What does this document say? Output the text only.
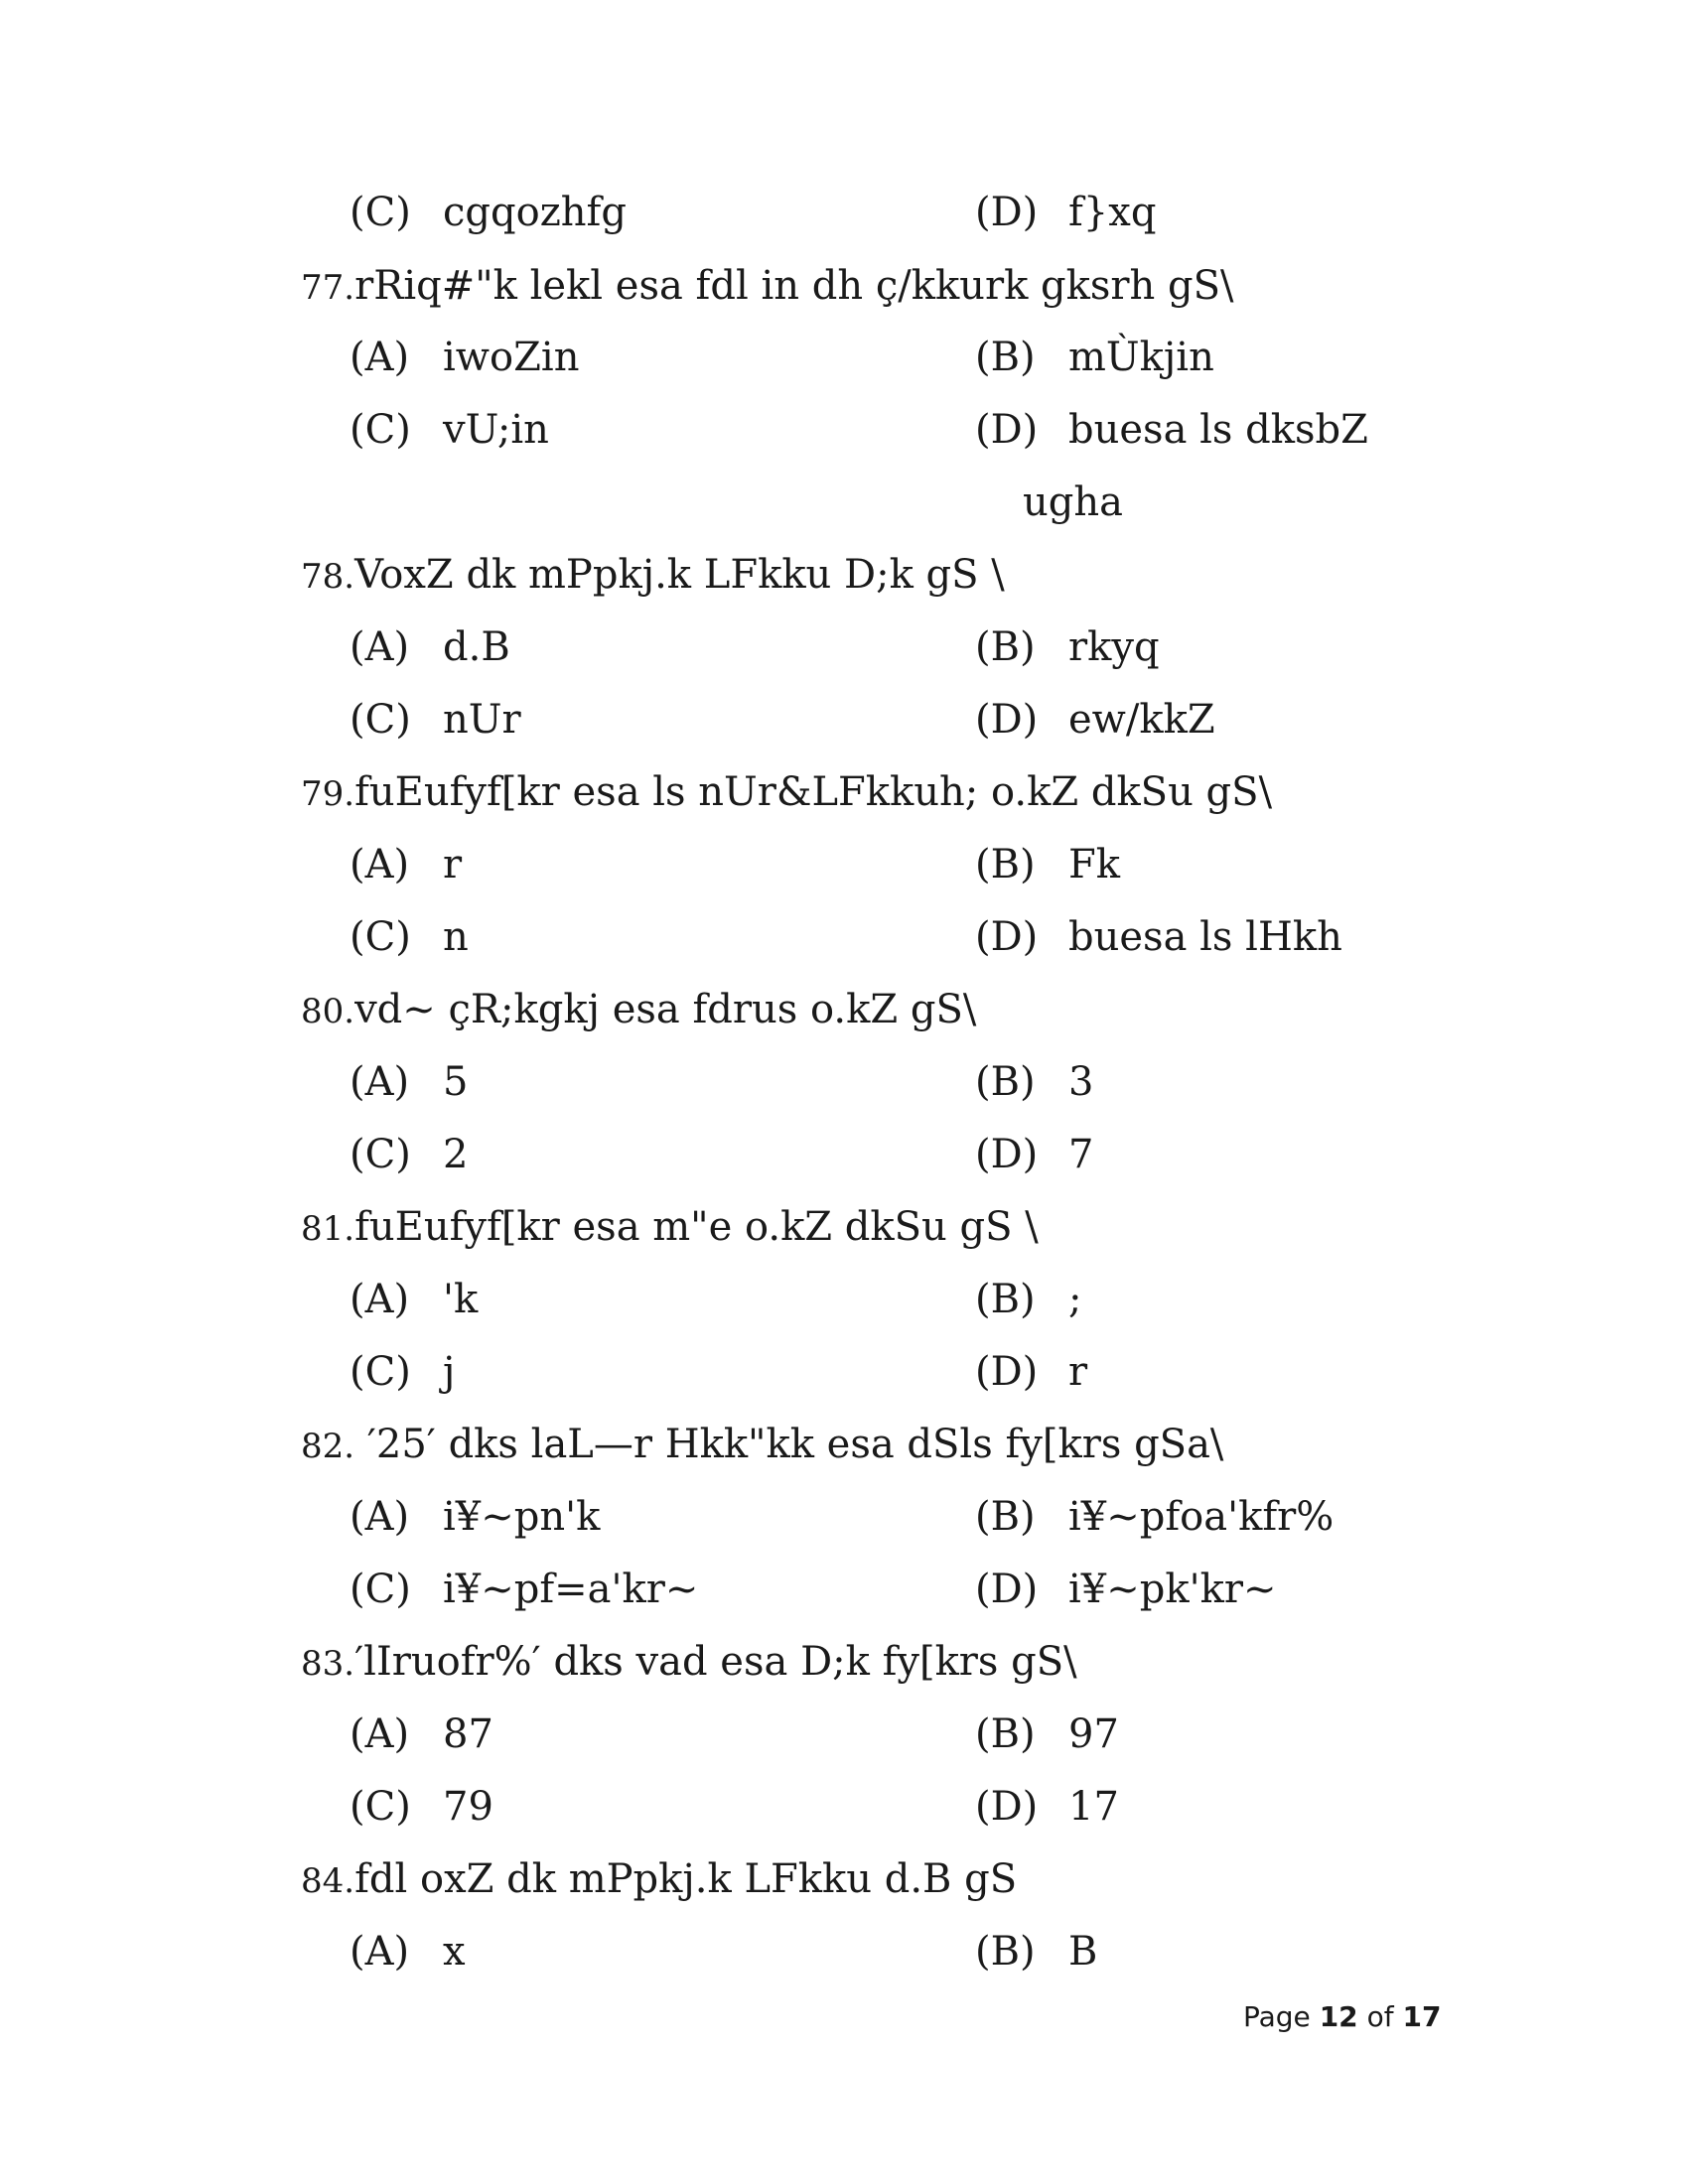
(C) cgqozhfg	(D) f}xq
77.rRiq#"k lekl esa fdl in dh ç/kkurk gksrh gS\
(A) iwoZin	(B) mÙkjin
(C) vU;in	(D) buesa ls dksbZ
ugha
78.VoxZ dk mPpkj.k LFkku D;k gS \
(A) d.B	(B) rkyq
(C) nUr	(D) ew/kkZ
79.fuEufyf[kr esa ls nUr&LFkkuh; o.kZ dkSu gS\
(A) r	(B) Fk
(C) n	(D) buesa ls lHkh
80.vd~ çR;kgkj esa fdrus o.kZ gS\
(A) 5	(B) 3
(C) 2	(D) 7
81.fuEufyf[kr esa m"e o.kZ dkSu gS \
(A) 'k	(B) ;
(C) j	(D) r
82. ′25′ dks laL—r Hkk"kk esa dSls fy[krs gSa\
(A) i¥~pn'k	(B) i¥~pfoa'kfr%
(C) i¥~pf=a'kr~	(D) i¥~pk'kr~
83.′lIruofr%′ dks vad esa D;k fy[krs gS\
(A) 87	(B) 97
(C) 79	(D) 17
84.fdl oxZ dk mPpkj.k LFkku d.B gS
(A) x	(B) B
Page 12 of 17
